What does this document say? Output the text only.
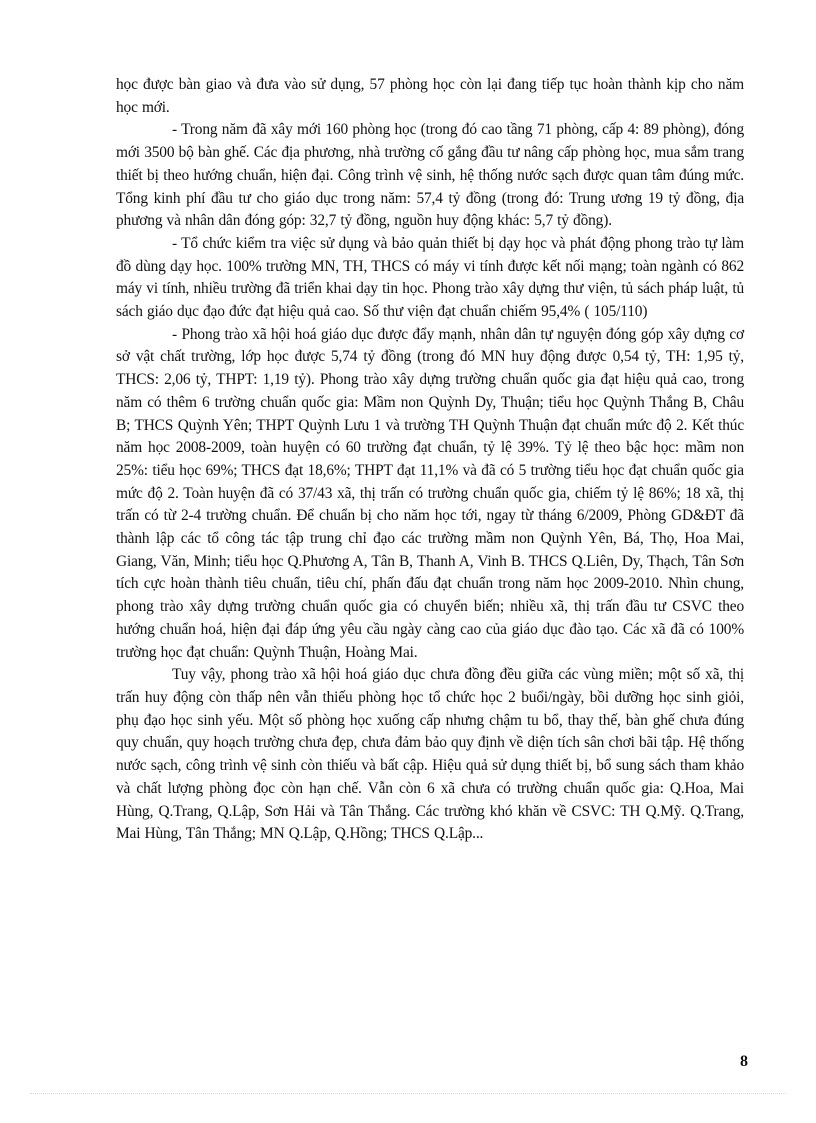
học được bàn giao và đưa vào sử dụng, 57 phòng học còn lại đang tiếp tục hoàn thành kịp cho năm học mới.

- Trong năm đã xây mới 160 phòng học (trong đó cao tầng 71 phòng, cấp 4: 89 phòng), đóng mới 3500 bộ bàn ghế. Các địa phương, nhà trường cố gắng đầu tư nâng cấp phòng học, mua sắm trang thiết bị theo hướng chuẩn, hiện đại. Công trình vệ sinh, hệ thống nước sạch được quan tâm đúng mức. Tổng kinh phí đầu tư cho giáo dục trong năm: 57,4 tỷ đồng (trong đó: Trung ương 19 tỷ đồng, địa phương và nhân dân đóng góp: 32,7 tỷ đồng, nguồn huy động khác: 5,7 tỷ đồng).

- Tổ chức kiểm tra việc sử dụng và bảo quản thiết bị dạy học và phát động phong trào tự làm đồ dùng dạy học. 100% trường MN, TH, THCS có máy vi tính được kết nối mạng; toàn ngành có 862 máy vi tính, nhiều trường đã triển khai dạy tin học. Phong trào xây dựng thư viện, tủ sách pháp luật, tủ sách giáo dục đạo đức đạt hiệu quả cao. Số thư viện đạt chuẩn chiếm 95,4% ( 105/110)

- Phong trào xã hội hoá giáo dục được đẩy mạnh, nhân dân tự nguyện đóng góp xây dựng cơ sở vật chất trường, lớp học được 5,74 tỷ đồng (trong đó MN huy động được 0,54 tỷ, TH: 1,95 tỷ, THCS: 2,06 tỷ, THPT: 1,19 tỷ). Phong trào xây dựng trường chuẩn quốc gia đạt hiệu quả cao, trong năm có thêm 6 trường chuẩn quốc gia: Mầm non Quỳnh Dy, Thuận; tiểu học Quỳnh Thắng B, Châu B; THCS Quỳnh Yên; THPT Quỳnh Lưu 1 và trường TH Quỳnh Thuận đạt chuẩn mức độ 2. Kết thúc năm học 2008-2009, toàn huyện có 60 trường đạt chuẩn, tỷ lệ 39%. Tỷ lệ theo bậc học: mầm non 25%: tiểu học 69%; THCS đạt 18,6%; THPT đạt 11,1% và đã có 5 trường tiểu học đạt chuẩn quốc gia mức độ 2. Toàn huyện đã có 37/43 xã, thị trấn có trường chuẩn quốc gia, chiếm tỷ lệ 86%; 18 xã, thị trấn có từ 2-4 trường chuẩn. Để chuẩn bị cho năm học tới, ngay từ tháng 6/2009, Phòng GD&ĐT đã thành lập các tổ công tác tập trung chỉ đạo các trường mầm non Quỳnh Yên, Bá, Thọ, Hoa Mai, Giang, Văn, Minh; tiểu học Q.Phương A, Tân B, Thanh A, Vinh B. THCS Q.Liên, Dy, Thạch, Tân Sơn tích cực hoàn thành tiêu chuẩn, tiêu chí, phấn đấu đạt chuẩn trong năm học 2009-2010. Nhìn chung, phong trào xây dựng trường chuẩn quốc gia có chuyển biến; nhiều xã, thị trấn đầu tư CSVC theo hướng chuẩn hoá, hiện đại đáp ứng yêu cầu ngày càng cao của giáo dục đào tạo. Các xã đã có 100% trường học đạt chuẩn: Quỳnh Thuận, Hoàng Mai.

Tuy vậy, phong trào xã hội hoá giáo dục chưa đồng đều giữa các vùng miền; một số xã, thị trấn huy động còn thấp nên vẫn thiếu phòng học tổ chức học 2 buổi/ngày, bồi dưỡng học sinh giỏi, phụ đạo học sinh yếu. Một số phòng học xuống cấp nhưng chậm tu bổ, thay thế, bàn ghế chưa đúng quy chuẩn, quy hoạch trường chưa đẹp, chưa đảm bảo quy định về diện tích sân chơi bãi tập. Hệ thống nước sạch, công trình vệ sinh còn thiếu và bất cập. Hiệu quả sử dụng thiết bị, bổ sung sách tham khảo và chất lượng phòng đọc còn hạn chế. Vẫn còn 6 xã chưa có trường chuẩn quốc gia: Q.Hoa, Mai Hùng, Q.Trang, Q.Lập, Sơn Hải và Tân Thắng. Các trường khó khăn về CSVC: TH Q.Mỹ. Q.Trang, Mai Hùng, Tân Thắng; MN Q.Lập, Q.Hồng; THCS Q.Lập...

8
